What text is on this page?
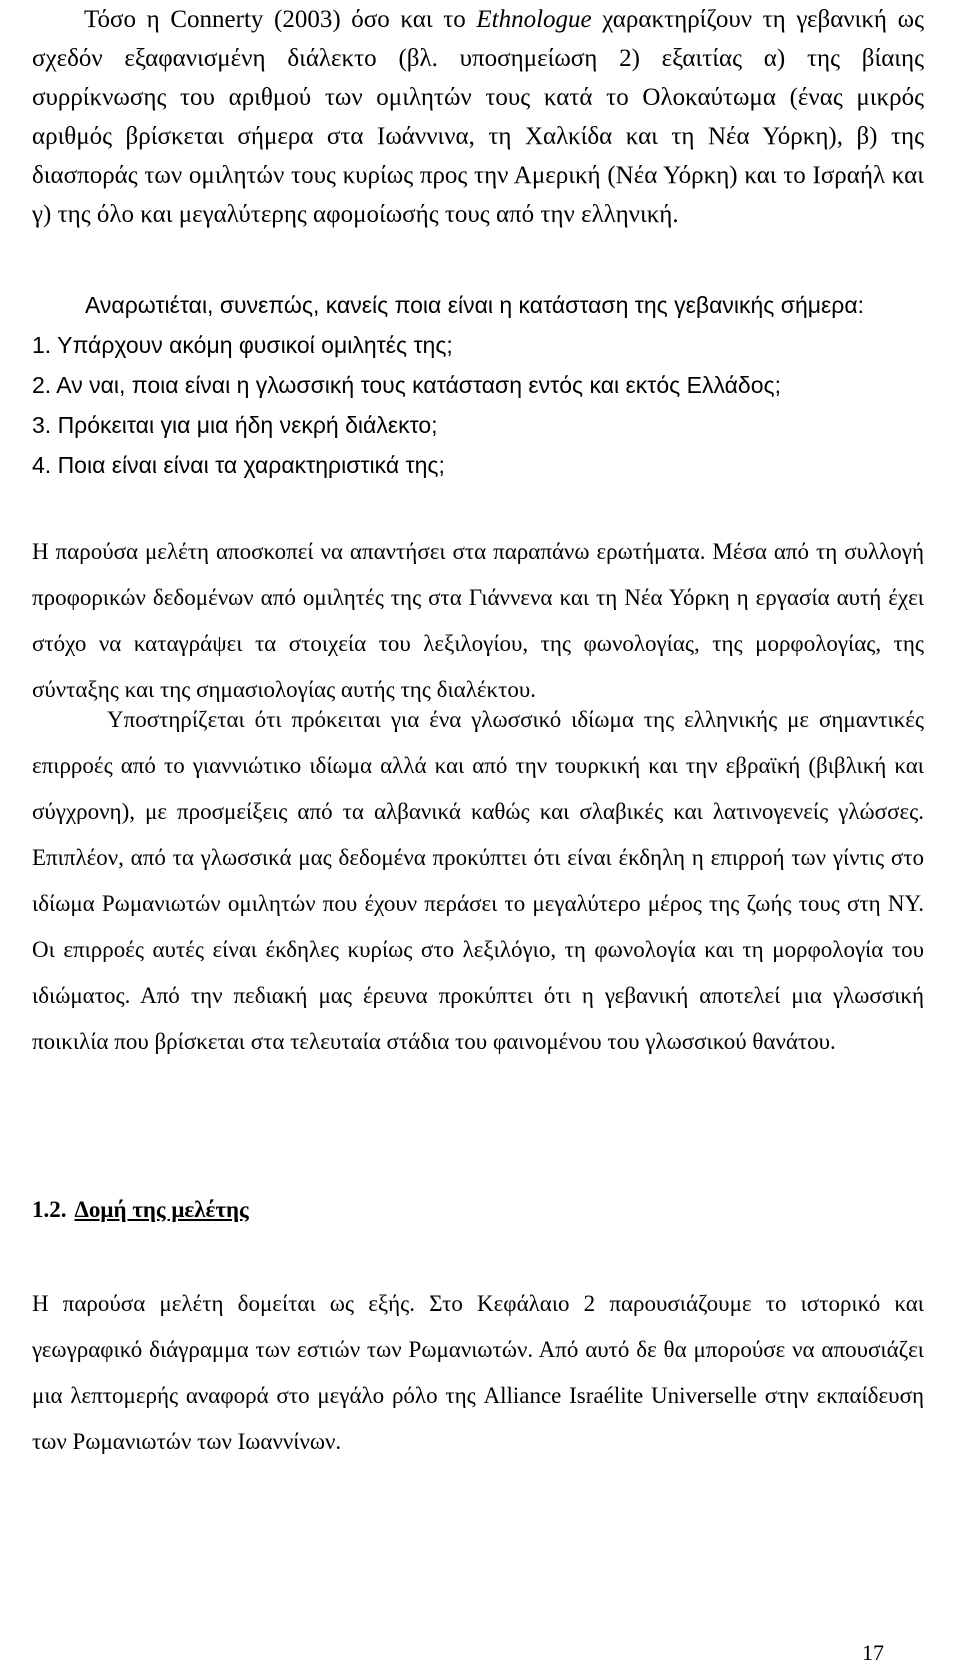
Τόσο η Connerty (2003) όσο και το Ethnologue χαρακτηρίζουν τη γεβανική ως σχεδόν εξαφανισμένη διάλεκτο (βλ. υποσημείωση 2) εξαιτίας α) της βίαιης συρρίκνωσης του αριθμού των ομιλητών τους κατά το Ολοκαύτωμα (ένας μικρός αριθμός βρίσκεται σήμερα στα Ιωάννινα, τη Χαλκίδα και τη Νέα Υόρκη), β) της διασποράς των ομιλητών τους κυρίως προς την Αμερική (Νέα Υόρκη) και το Ισραήλ και γ) της όλο και μεγαλύτερης αφομοίωσής τους από την ελληνική.

Αναρωτιέται, συνεπώς, κανείς ποια είναι η κατάσταση της γεβανικής σήμερα:
1. Υπάρχουν ακόμη φυσικοί ομιλητές της;
2. Αν ναι, ποια είναι η γλωσσική τους κατάσταση εντός και εκτός Ελλάδος;
3. Πρόκειται για μια ήδη νεκρή διάλεκτο;
4. Ποια είναι είναι τα χαρακτηριστικά της;

Η παρούσα μελέτη αποσκοπεί να απαντήσει στα παραπάνω ερωτήματα. Μέσα από τη συλλογή προφορικών δεδομένων από ομιλητές της στα Γιάννενα και τη Νέα Υόρκη η εργασία αυτή έχει στόχο να καταγράψει τα στοιχεία του λεξιλογίου, της φωνολογίας, της μορφολογίας, της σύνταξης και της σημασιολογίας αυτής της διαλέκτου.

Υποστηρίζεται ότι πρόκειται για ένα γλωσσικό ιδίωμα της ελληνικής με σημαντικές επιρροές από το γιαννιώτικο ιδίωμα αλλά και από την τουρκική και την εβραϊκή (βιβλική και σύγχρονη), με προσμείξεις από τα αλβανικά καθώς και σλαβικές και λατινογενείς γλώσσες. Επιπλέον, από τα γλωσσικά μας δεδομένα προκύπτει ότι είναι έκδηλη η επιρροή των γίντις στο ιδίωμα Ρωμανιωτών ομιλητών που έχουν περάσει το μεγαλύτερο μέρος της ζωής τους στη ΝΥ. Οι επιρροές αυτές είναι έκδηλες κυρίως στο λεξιλόγιο, τη φωνολογία και τη μορφολογία του ιδιώματος. Από την πεδιακή μας έρευνα προκύπτει ότι η γεβανική αποτελεί μια γλωσσική ποικιλία που βρίσκεται στα τελευταία στάδια του φαινομένου του γλωσσικού θανάτου.

1.2. Δομή της μελέτης

Η παρούσα μελέτη δομείται ως εξής. Στο Κεφάλαιο 2 παρουσιάζουμε το ιστορικό και γεωγραφικό διάγραμμα των εστιών των Ρωμανιωτών. Από αυτό δε θα μπορούσε να απουσιάζει μια λεπτομερής αναφορά στο μεγάλο ρόλο της Alliance Israélite Universelle στην εκπαίδευση των Ρωμανιωτών των Ιωαννίνων.

17
